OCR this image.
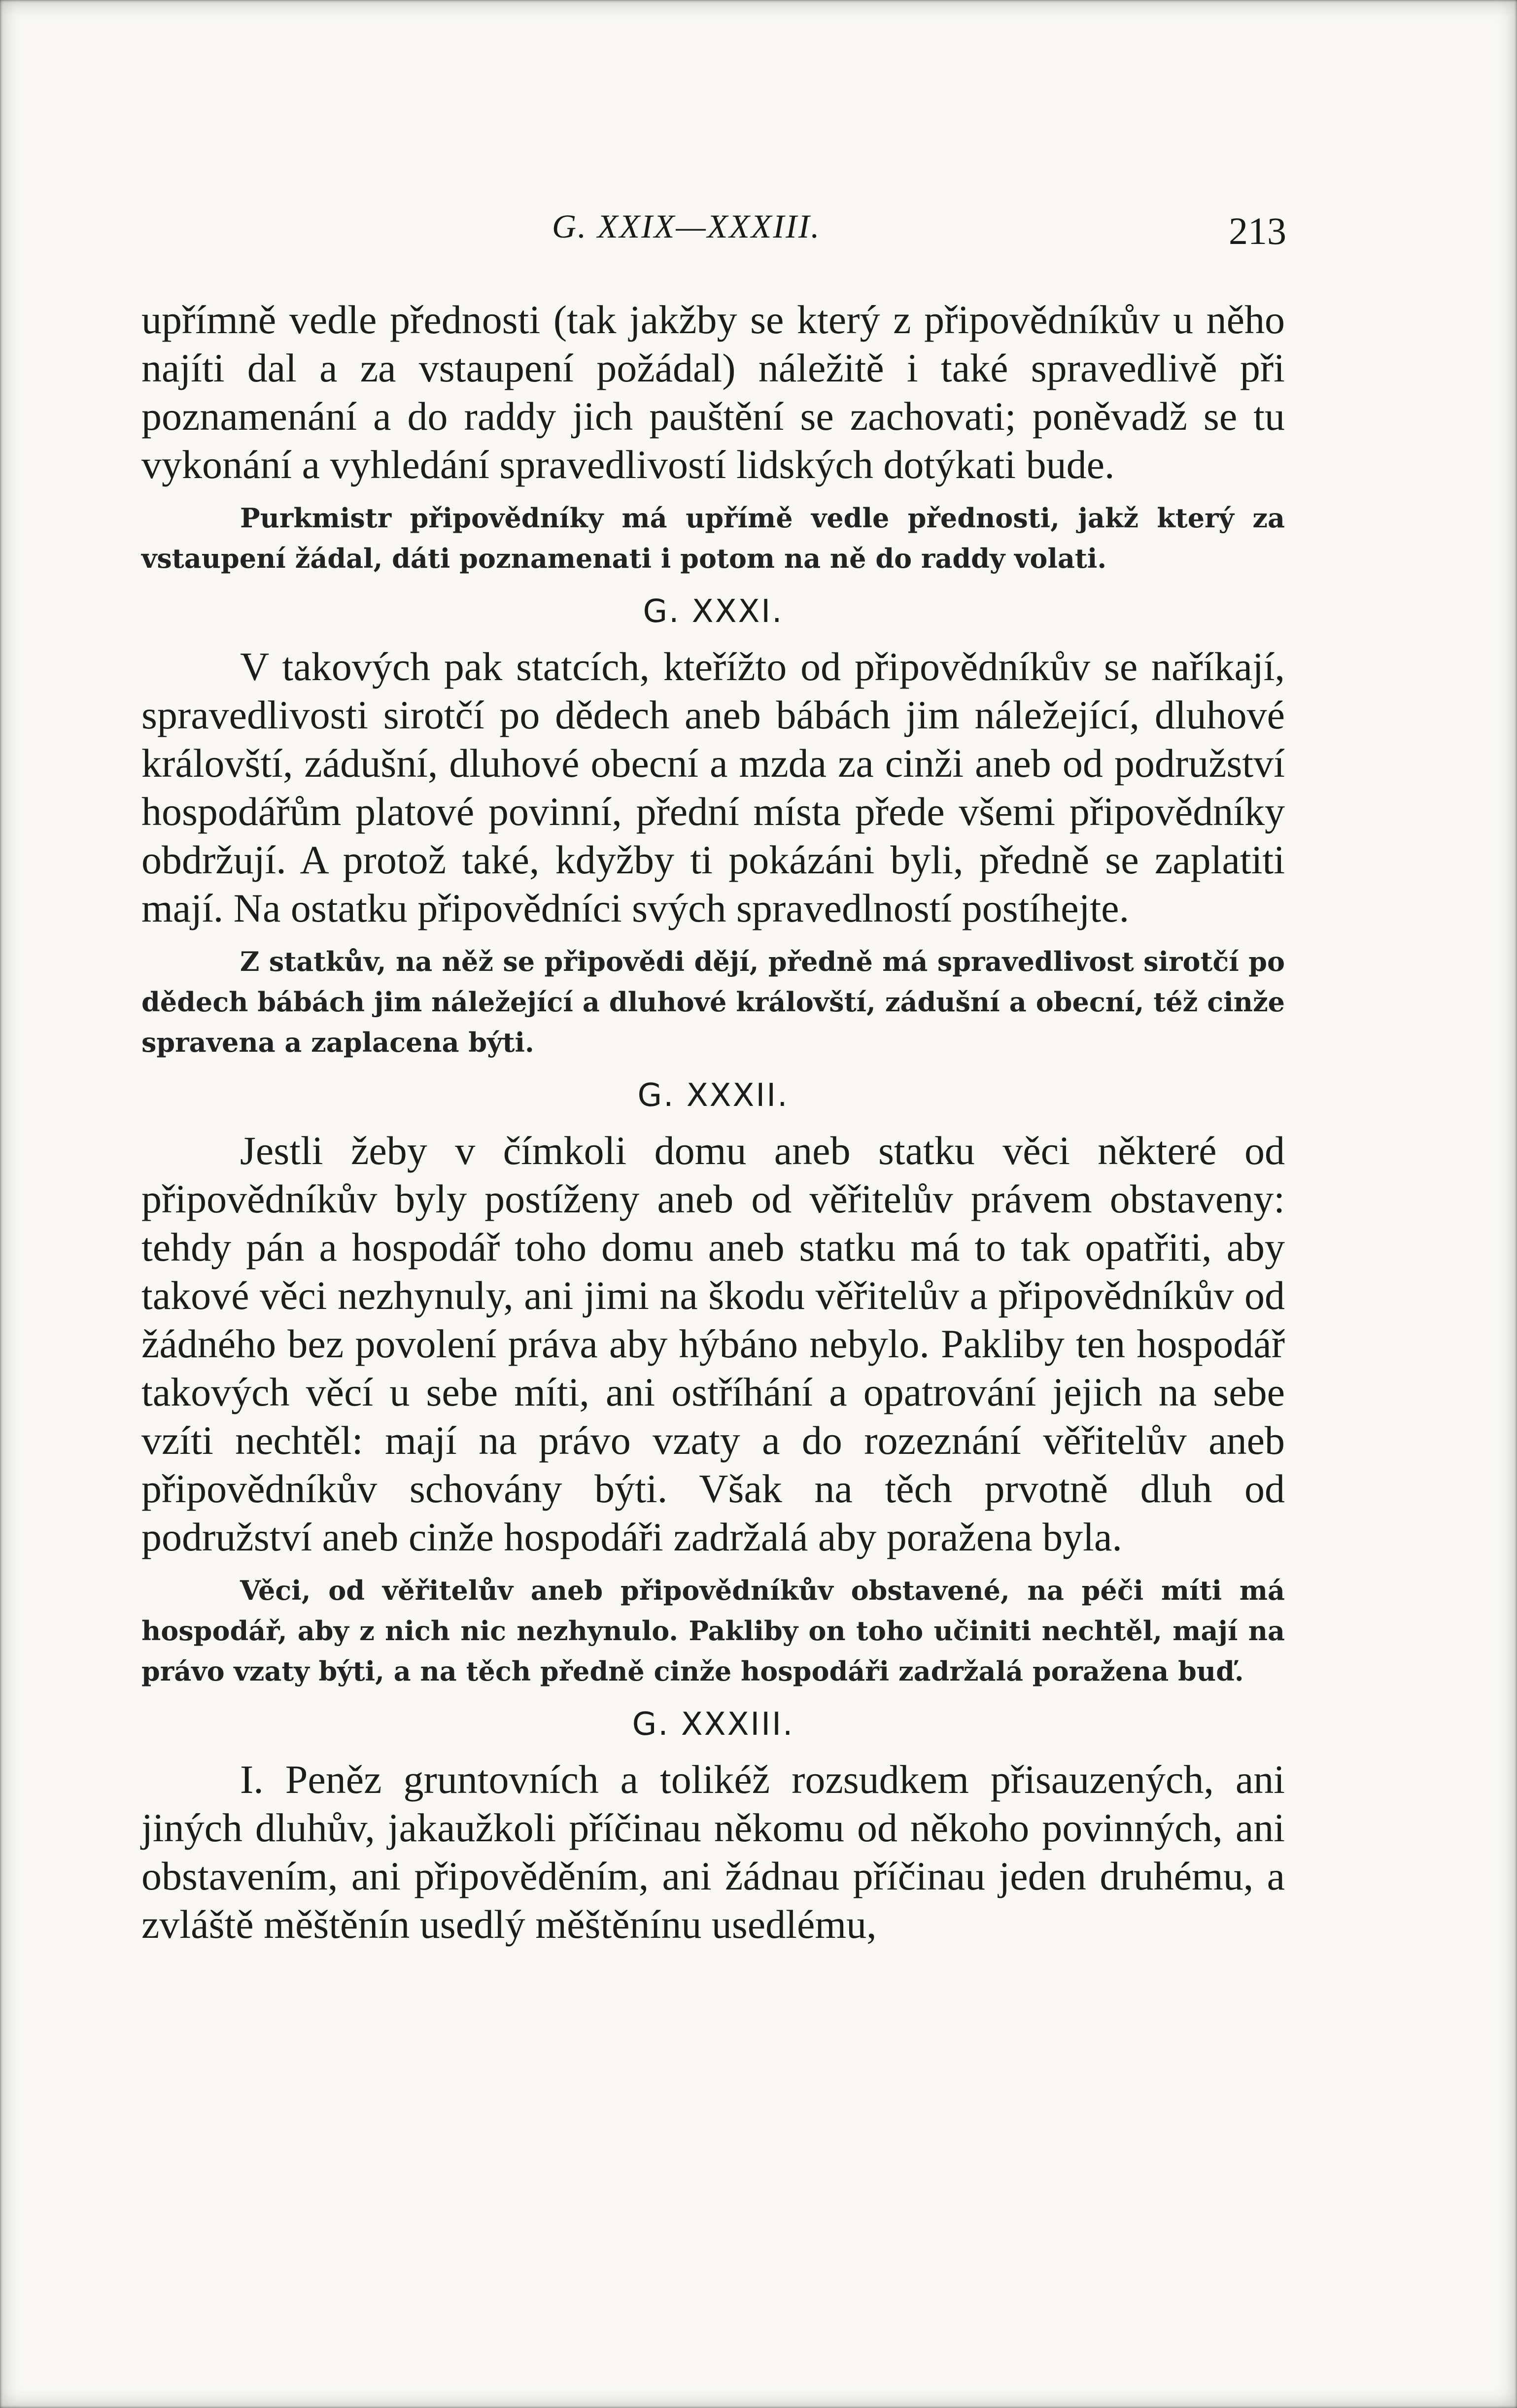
G. XXIX—XXXIII.	213

upřímně vedle přednosti (tak jakžby se který z připovědníkův u něho najíti dal a za vstaupení požádal) náležitě i také spravedlivě při poznamenání a do raddy jich pauštění se zachovati; poněvadž se tu vykonání a vyhledání spravedlivostí lidských dotýkati bude.

Purkmistr připovědníky má upřímě vedle přednosti, jakž který za vstaupení žádal, dáti poznamenati i potom na ně do raddy volati.

G. XXXI.

V takových pak statcích, kteřížto od připovědníkův se naříkají, spravedlivosti sirotčí po dědech aneb bábách jim náležející, dluhové královští, zádušní, dluhové obecní a mzda za cinži aneb od podružství hospodářům platové povinní, přední místa přede všemi připovědníky obdržují. A protož také, kdyžby ti pokázáni byli, předně se zaplatiti mají. Na ostatku připovědníci svých spravedlností postíhejte.

Z statkův, na něž se připovědi dějí, předně má spravedlivost sirotčí po dědech bábách jim náležející a dluhové královští, zádušní a obecní, též cinže spravena a zaplacena býti.

G. XXXII.

Jestli žeby v čímkoli domu aneb statku věci některé od připovědníkův byly postíženy aneb od věřitelův právem obstaveny: tehdy pán a hospodář toho domu aneb statku má to tak opatřiti, aby takové věci nezhynuly, ani jimi na škodu věřitelův a připovědníkův od žádného bez povolení práva aby hýbáno nebylo. Pakliby ten hospodář takových věcí u sebe míti, ani ostříhání a opatrování jejich na sebe vzíti nechtěl: mají na právo vzaty a do rozeznání věřitelův aneb připovědníkův schovány býti. Však na těch prvotně dluh od podružství aneb cinže hospodáři zadržalá aby poražena byla.

Věci, od věřitelův aneb připovědníkův obstavené, na péči míti má hospodář, aby z nich nic nezhynulo. Pakliby on toho učiniti nechtěl, mají na právo vzaty býti, a na těch předně cinže hospodáři zadržalá poražena buď.

G. XXXIII.

I. Peněz gruntovních a tolikéž rozsudkem přisauzených, ani jiných dluhův, jakaužkoli příčinau někomu od někoho povinných, ani obstavením, ani připověděním, ani žádnau příčinau jeden druhému, a zvláště měštěnín usedlý měštěnínu usedlému,
